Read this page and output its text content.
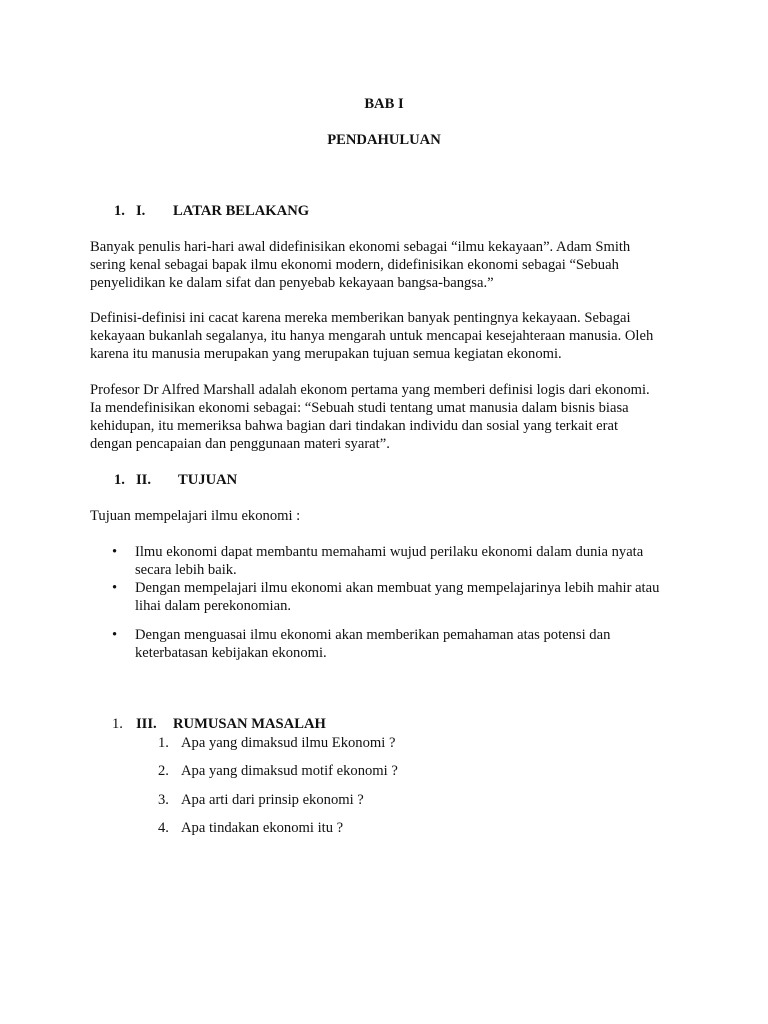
BAB I
PENDAHULUAN
1. I. LATAR BELAKANG
Banyak penulis hari-hari awal didefinisikan ekonomi sebagai “ilmu kekayaan”. Adam Smith
sering kenal sebagai bapak ilmu ekonomi modern, didefinisikan ekonomi sebagai “Sebuah
penyelidikan ke dalam sifat dan penyebab kekayaan bangsa-bangsa.”
Definisi-definisi ini cacat karena mereka memberikan banyak pentingnya kekayaan. Sebagai
kekayaan bukanlah segalanya, itu hanya mengarah untuk mencapai kesejahteraan manusia. Oleh
karena itu manusia merupakan yang merupakan tujuan semua kegiatan ekonomi.
Profesor Dr Alfred Marshall adalah ekonom pertama yang memberi definisi logis dari ekonomi.
Ia mendefinisikan ekonomi sebagai: “Sebuah studi tentang umat manusia dalam bisnis biasa
kehidupan, itu memeriksa bahwa bagian dari tindakan individu dan sosial yang terkait erat
dengan pencapaian dan penggunaan materi syarat”.
1. II. TUJUAN
Tujuan mempelajari ilmu ekonomi :
• Ilmu ekonomi dapat membantu memahami wujud perilaku ekonomi dalam dunia nyata
secara lebih baik.
• Dengan mempelajari ilmu ekonomi akan membuat yang mempelajarinya lebih mahir atau
lihai dalam perekonomian.
• Dengan menguasai ilmu ekonomi akan memberikan pemahaman atas potensi dan
keterbatasan kebijakan ekonomi.
1. III. RUMUSAN MASALAH
1. Apa yang dimaksud ilmu Ekonomi ?
2. Apa yang dimaksud motif ekonomi ?
3. Apa arti dari prinsip ekonomi ?
4. Apa tindakan ekonomi itu ?
